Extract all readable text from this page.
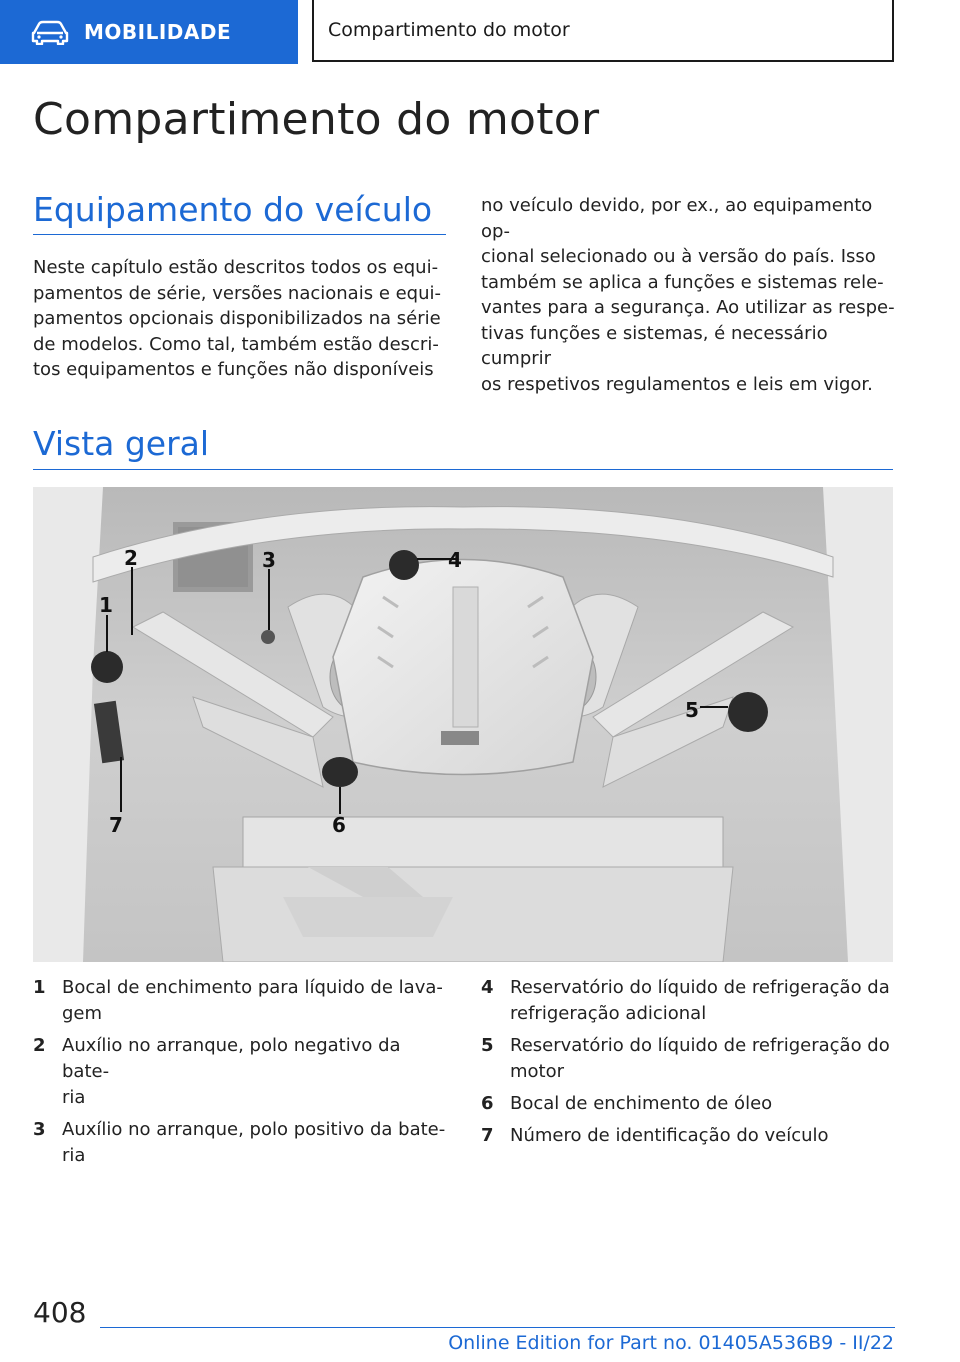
MOBILIDADE	Compartimento do motor
Compartimento do motor
Equipamento do veículo

Neste capítulo estão descritos todos os equi-
pamentos de série, versões nacionais e equi-
pamentos opcionais disponibilizados na série
de modelos. Como tal, também estão descri-
tos equipamentos e funções não disponíveis

no veículo devido, por ex., ao equipamento op-
cional selecionado ou à versão do país. Isso
também se aplica a funções e sistemas rele-
vantes para a segurança. Ao utilizar as respe-
tivas funções e sistemas, é necessário cumprir
os respetivos regulamentos e leis em vigor.

Vista geral
1
2	3	4
5
6
7
1 Bocal de enchimento para líquido de lava-
gem
2 Auxílio no arranque, polo negativo da bate-
ria
3 Auxílio no arranque, polo positivo da bate-
ria
4 Reservatório do líquido de refrigeração da
refrigeração adicional
5 Reservatório do líquido de refrigeração do
motor
6 Bocal de enchimento de óleo
7 Número de identificação do veículo
408
Online Edition for Part no. 01405A536B9 - II/22
